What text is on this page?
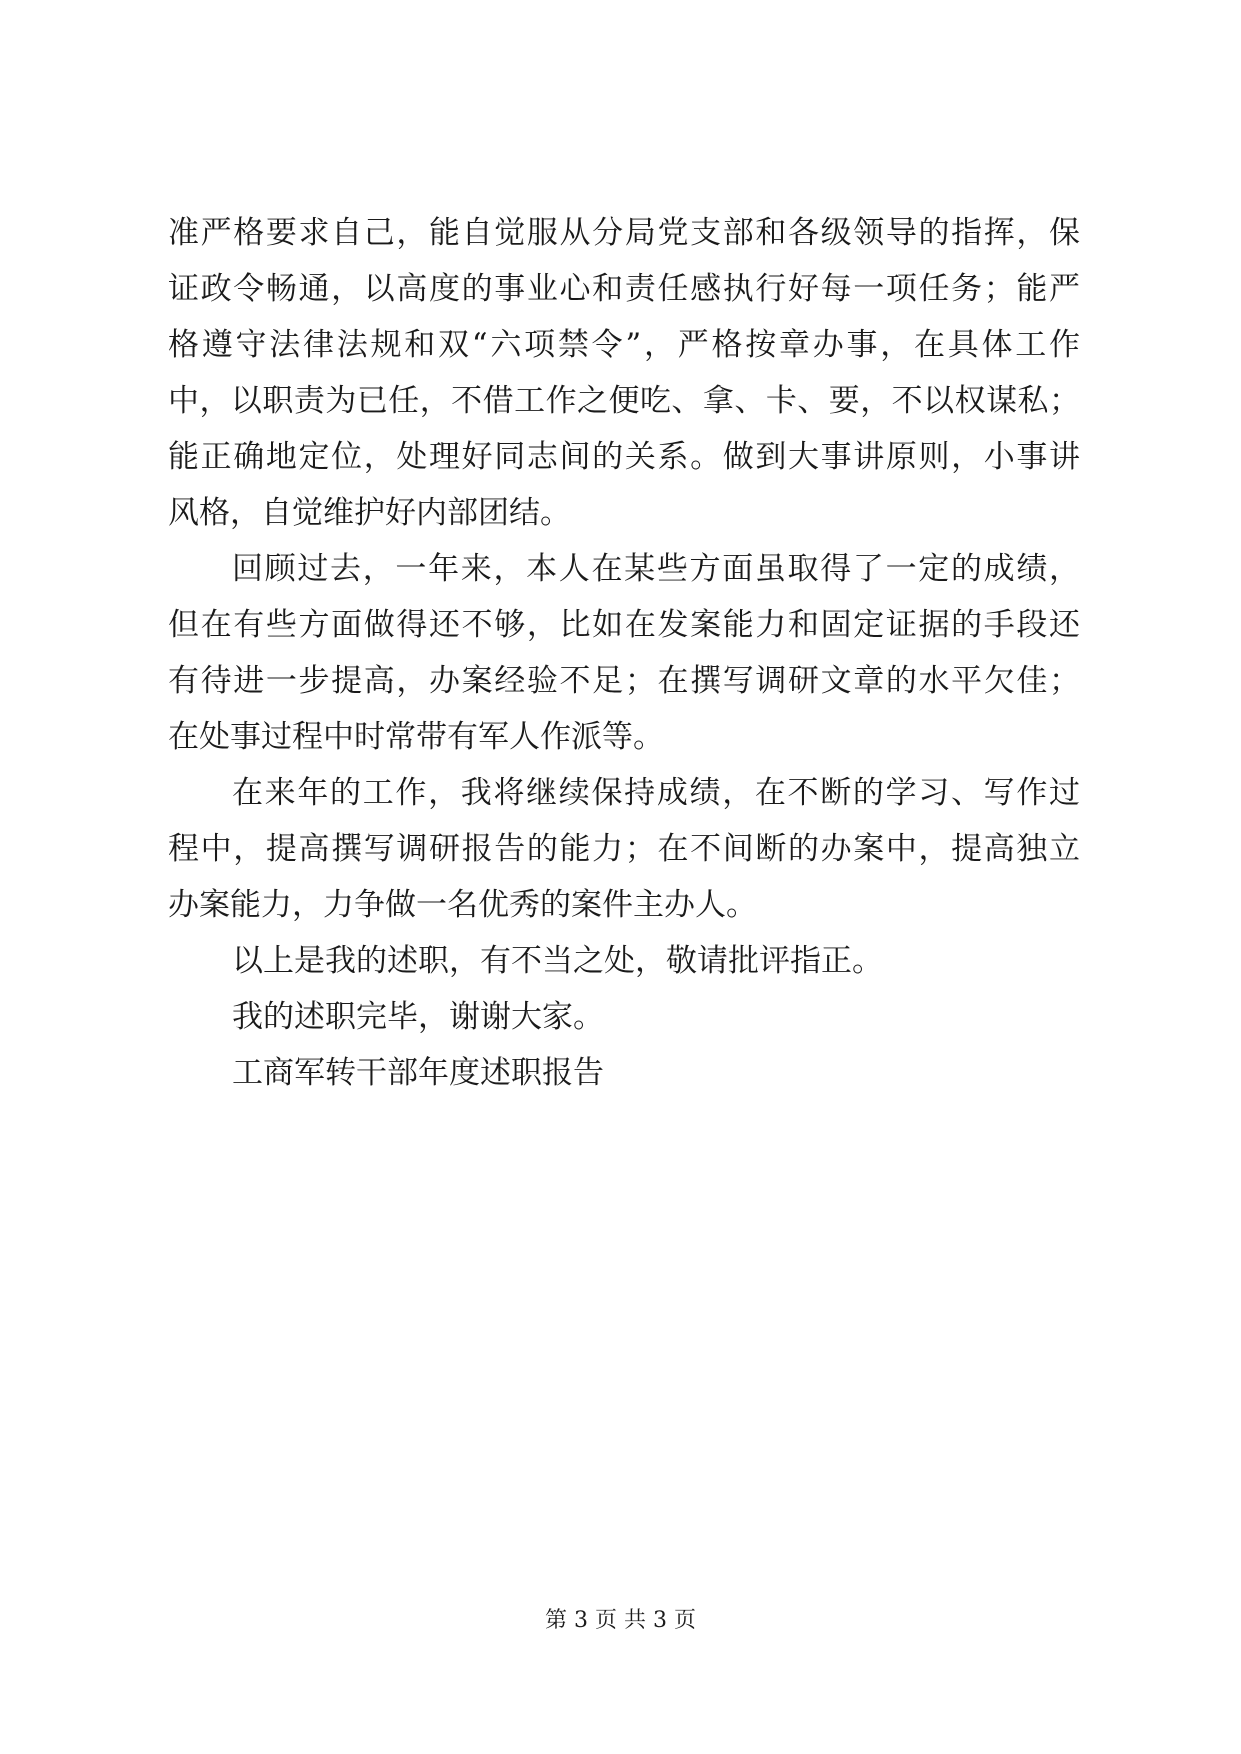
准严格要求自己，能自觉服从分局党支部和各级领导的指挥，保
证政令畅通，以高度的事业心和责任感执行好每一项任务；能严
格遵守法律法规和双“六项禁令”，严格按章办事，在具体工作
中，以职责为已任，不借工作之便吃、拿、卡、要，不以权谋私；
能正确地定位，处理好同志间的关系。做到大事讲原则，小事讲
风格，自觉维护好内部团结。
回顾过去，一年来，本人在某些方面虽取得了一定的成绩，
但在有些方面做得还不够，比如在发案能力和固定证据的手段还
有待进一步提高，办案经验不足；在撰写调研文章的水平欠佳；
在处事过程中时常带有军人作派等。
在来年的工作，我将继续保持成绩，在不断的学习、写作过
程中，提高撰写调研报告的能力；在不间断的办案中，提高独立
办案能力，力争做一名优秀的案件主办人。
以上是我的述职，有不当之处，敬请批评指正。
我的述职完毕，谢谢大家。
工商军转干部年度述职报告
第 3 页 共 3 页
